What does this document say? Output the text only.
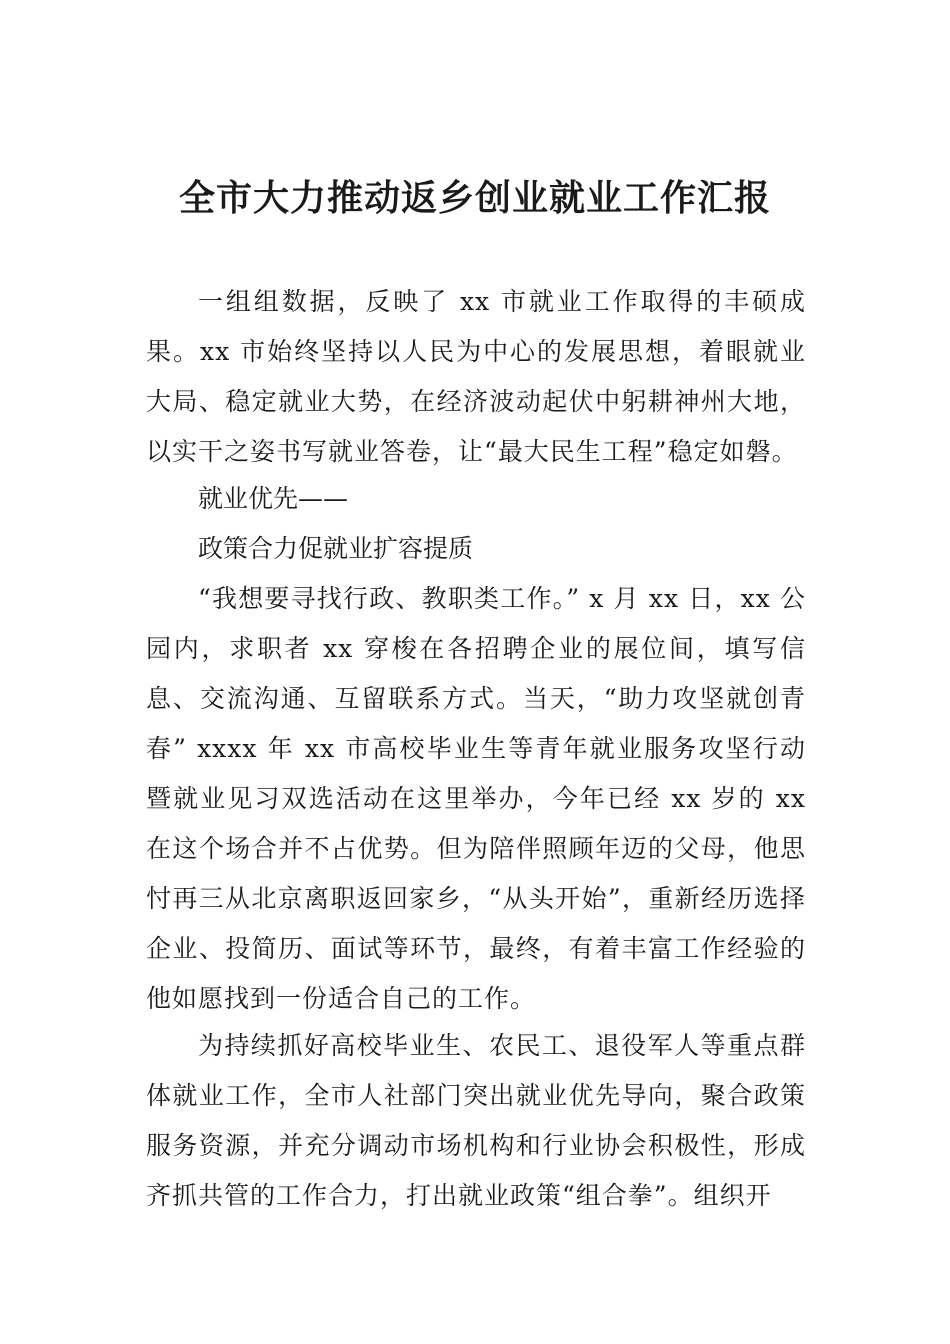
全市大力推动返乡创业就业工作汇报

一组组数据，反映了 xx 市就业工作取得的丰硕成果。xx 市始终坚持以人民为中心的发展思想，着眼就业大局、稳定就业大势，在经济波动起伏中躬耕神州大地，以实干之姿书写就业答卷，让“最大民生工程”稳定如磐。

就业优先——

政策合力促就业扩容提质

“我想要寻找行政、教职类工作。” x 月 xx 日，xx 公园内，求职者 xx 穿梭在各招聘企业的展位间，填写信息、交流沟通、互留联系方式。当天，“助力攻坚就创青春” xxxx 年 xx 市高校毕业生等青年就业服务攻坚行动暨就业见习双选活动在这里举办，今年已经 xx 岁的 xx 在这个场合并不占优势。但为陪伴照顾年迈的父母，他思忖再三从北京离职返回家乡，“从头开始”，重新经历选择企业、投简历、面试等环节，最终，有着丰富工作经验的他如愿找到一份适合自己的工作。

为持续抓好高校毕业生、农民工、退役军人等重点群体就业工作，全市人社部门突出就业优先导向，聚合政策服务资源，并充分调动市场机构和行业协会积极性，形成齐抓共管的工作合力，打出就业政策“组合拳”。组织开
